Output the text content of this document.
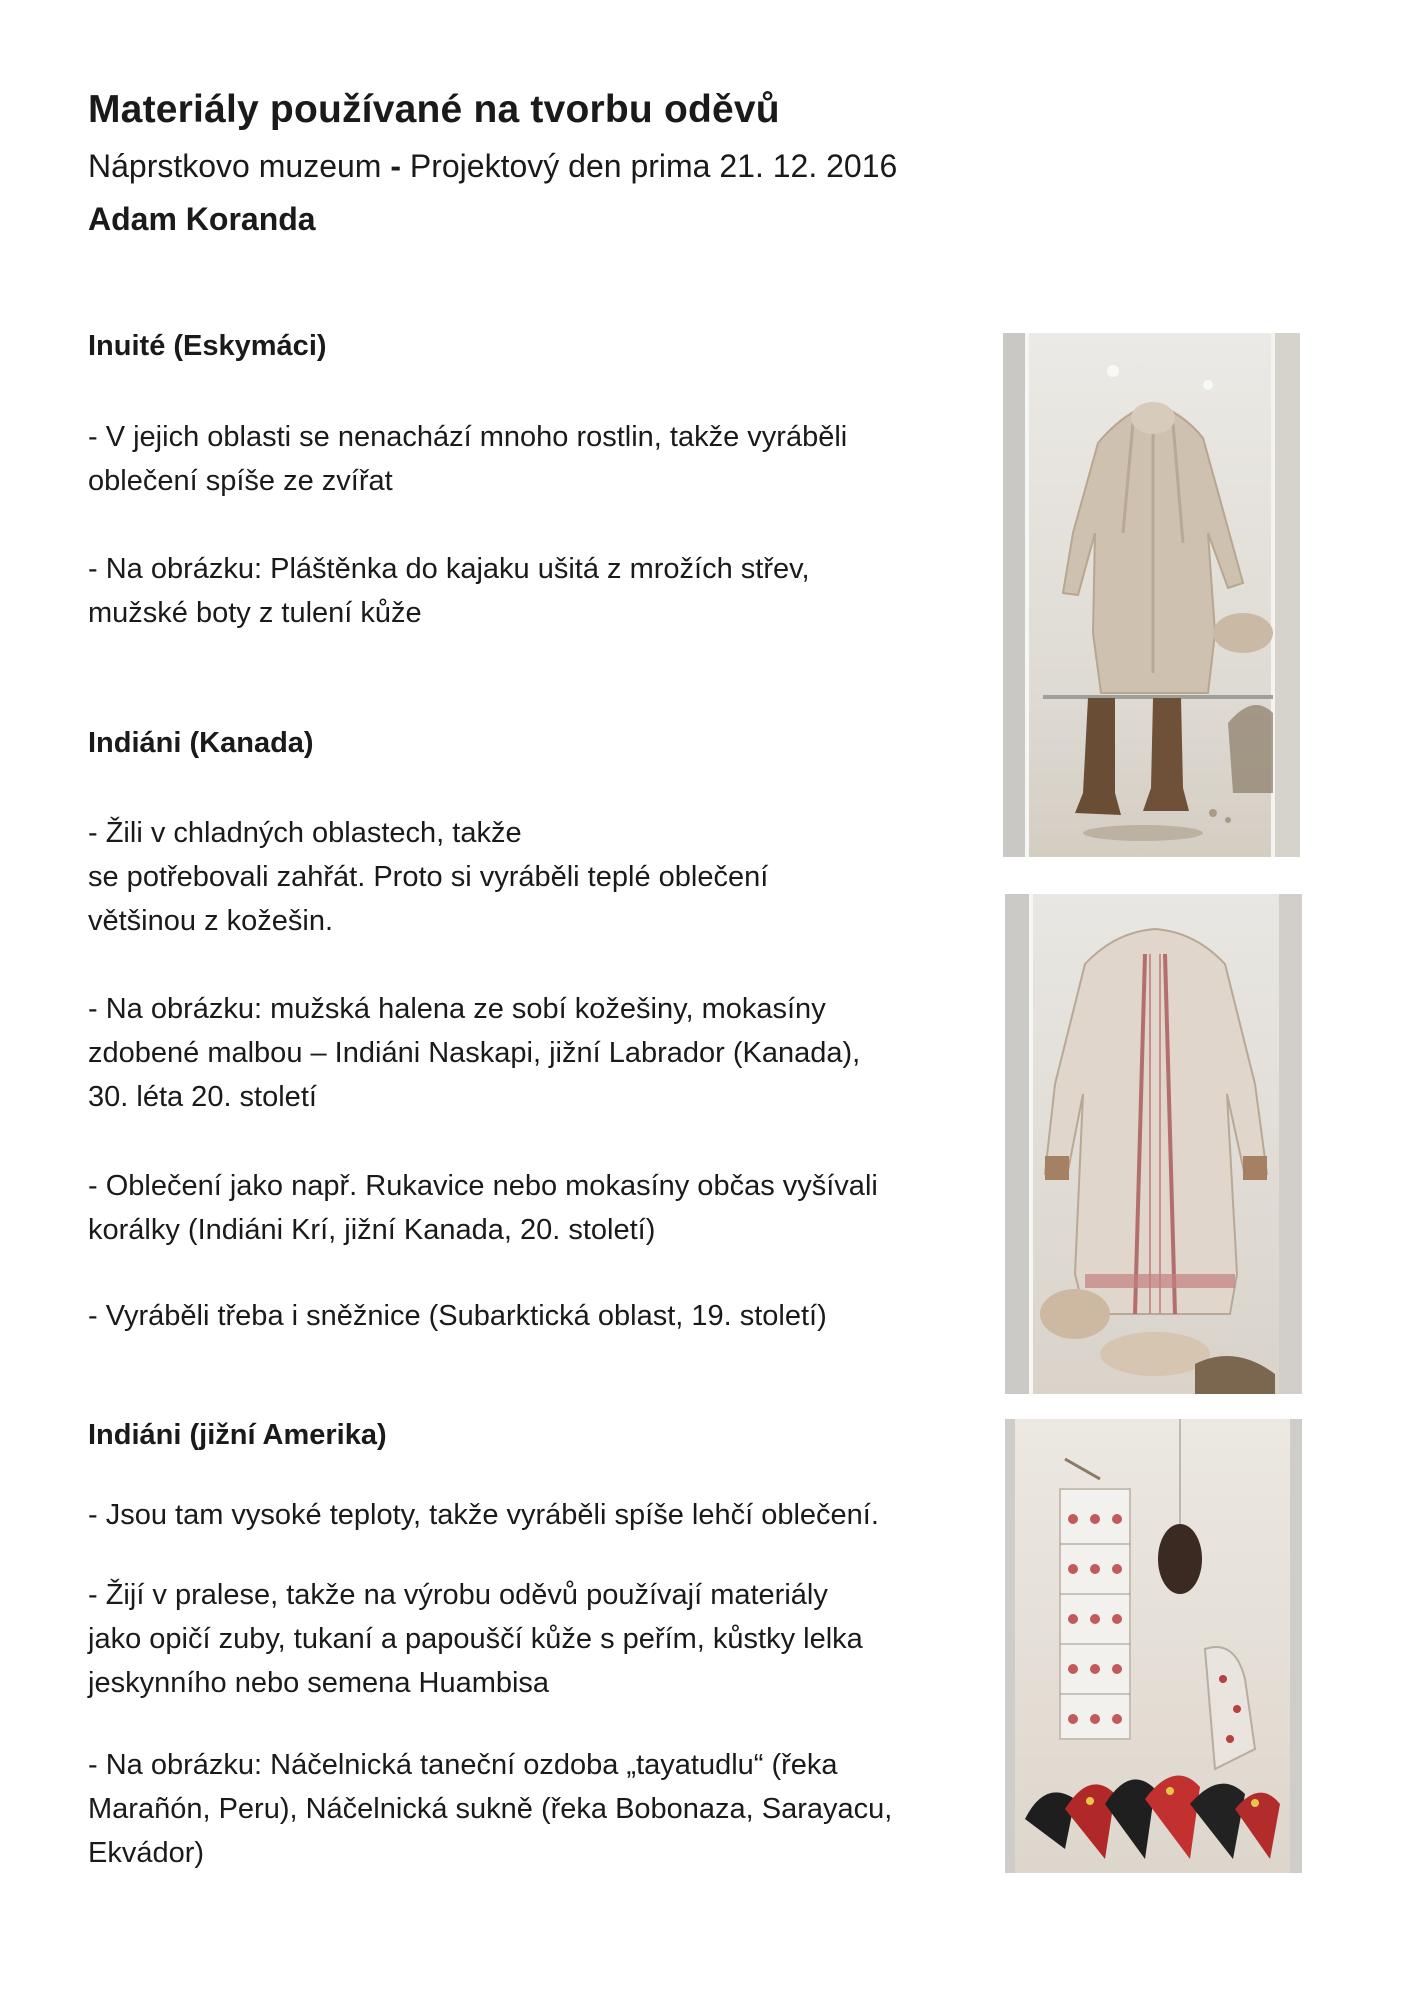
Materiály používané na tvorbu oděvů
Náprstkovo muzeum - Projektový den prima 21. 12. 2016
Adam Koranda
Inuité (Eskymáci)

- V jejich oblasti se nenachází mnoho rostlin, takže vyráběli
oblečení spíše ze zvířat

- Na obrázku: Pláštěnka do kajaku ušitá z mrožích střev,
mužské boty z tulení kůže

Indiáni (Kanada)

- Žili v chladných oblastech, takže
se potřebovali zahřát. Proto si vyráběli teplé oblečení
většinou z kožešin.

- Na obrázku: mužská halena ze sobí kožešiny, mokasíny
zdobené malbou – Indiáni Naskapi, jižní Labrador (Kanada),
30. léta 20. století

- Oblečení jako např. Rukavice nebo mokasíny občas vyšívali
korálky (Indiáni Krí, jižní Kanada, 20. století)

- Vyráběli třeba i sněžnice (Subarktická oblast, 19. století)

Indiáni (jižní Amerika)

- Jsou tam vysoké teploty, takže vyráběli spíše lehčí oblečení.

- Žijí v pralese, takže na výrobu oděvů používají materiály
jako opičí zuby, tukaní a papouščí kůže s peřím, kůstky lelka
jeskynního nebo semena Huambisa

- Na obrázku: Náčelnická taneční ozdoba „tayatudlu“ (řeka
Marañón, Peru), Náčelnická sukně (řeka Bobonaza, Sarayacu,
Ekvádor)
